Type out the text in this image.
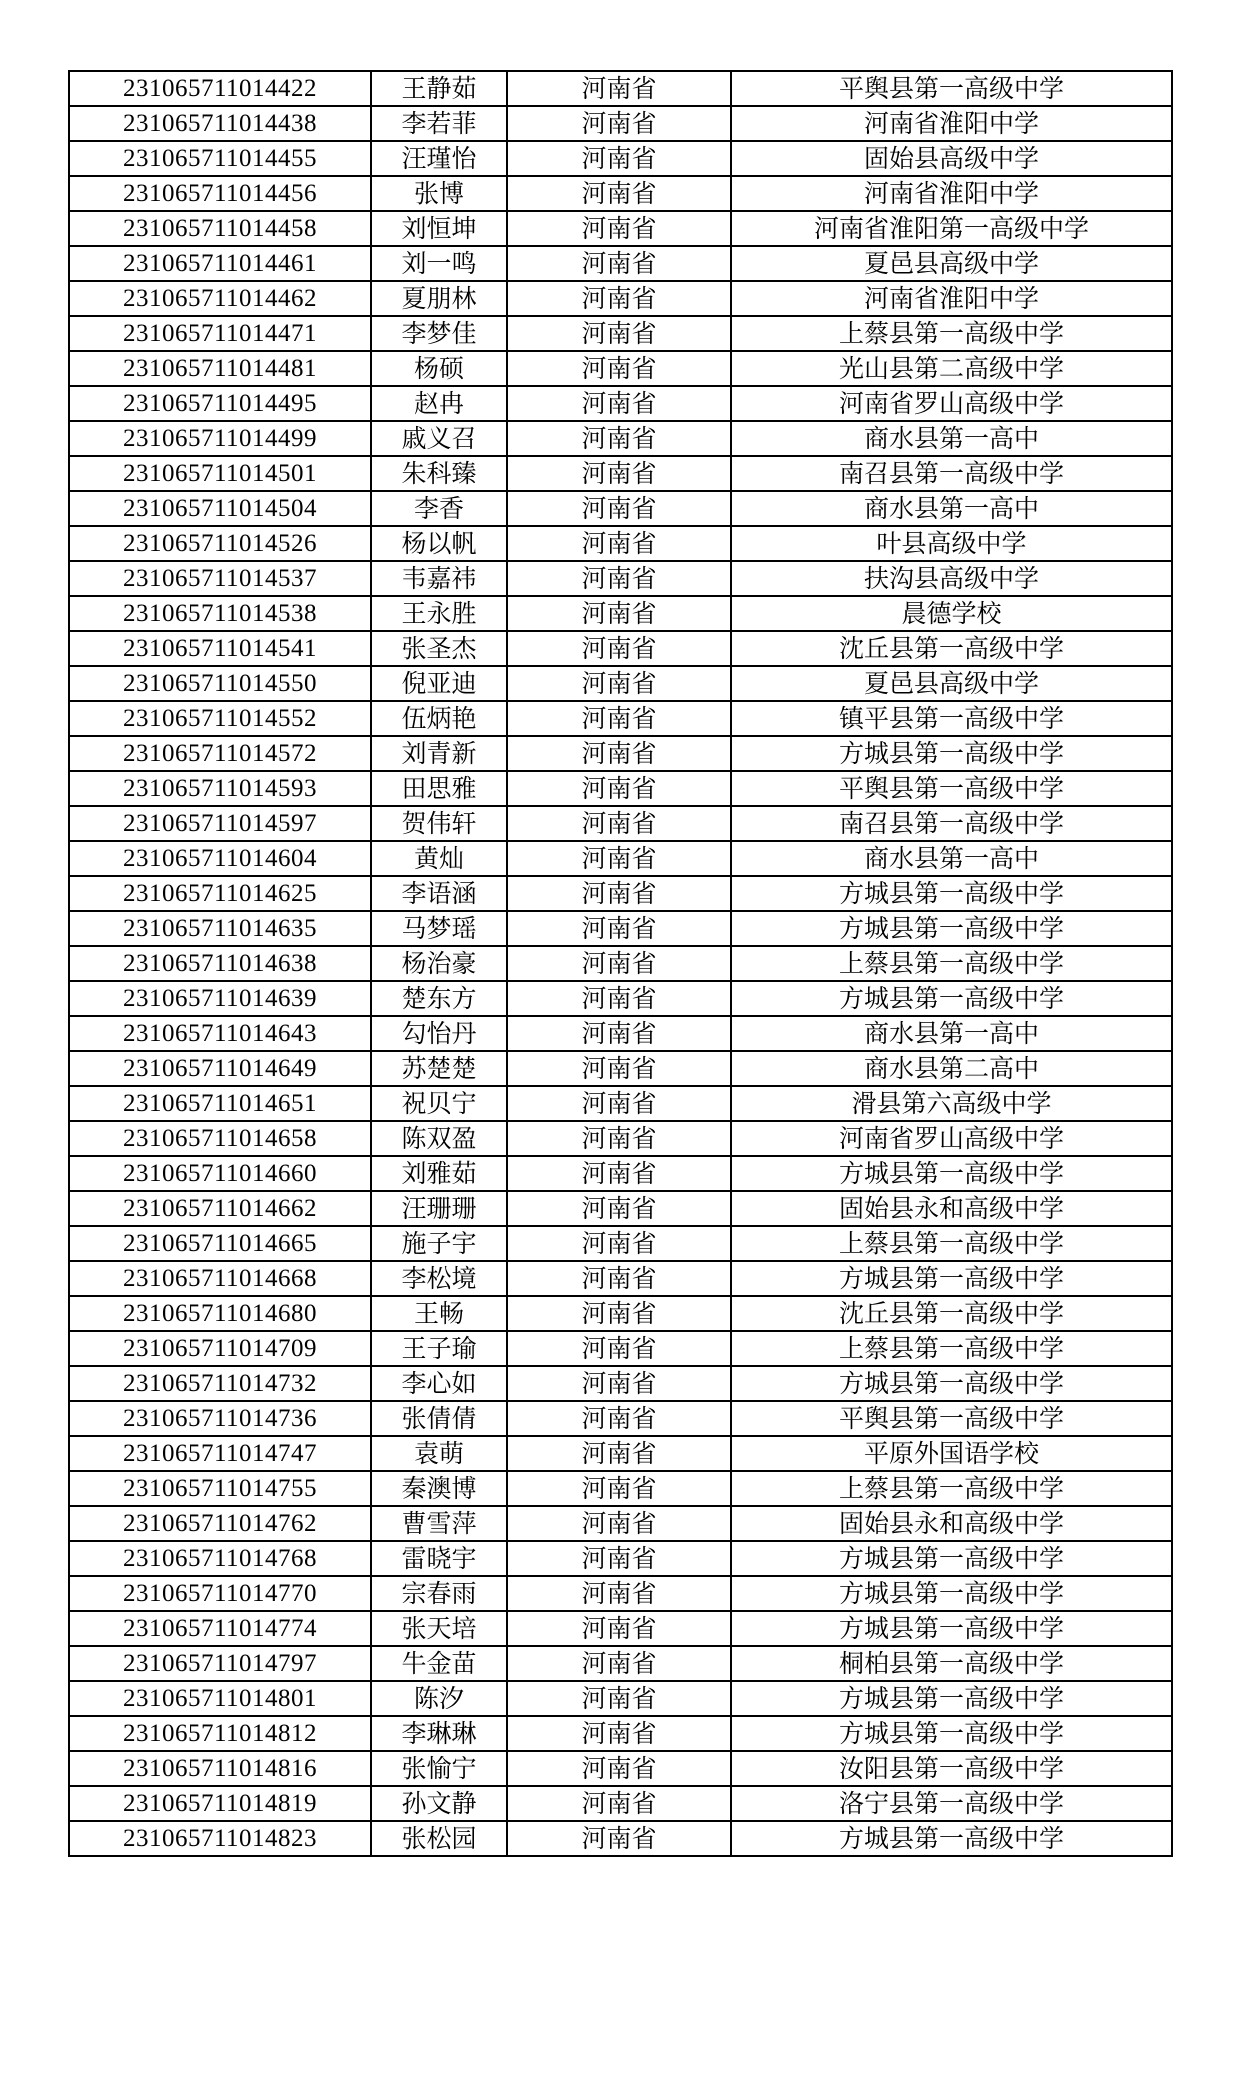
231065711014422	王静茹	河南省	平舆县第一高级中学
231065711014438	李若菲	河南省	河南省淮阳中学
231065711014455	汪瑾怡	河南省	固始县高级中学
231065711014456	张博	河南省	河南省淮阳中学
231065711014458	刘恒坤	河南省	河南省淮阳第一高级中学
231065711014461	刘一鸣	河南省	夏邑县高级中学
231065711014462	夏朋林	河南省	河南省淮阳中学
231065711014471	李梦佳	河南省	上蔡县第一高级中学
231065711014481	杨硕	河南省	光山县第二高级中学
231065711014495	赵冉	河南省	河南省罗山高级中学
231065711014499	戚义召	河南省	商水县第一高中
231065711014501	朱科臻	河南省	南召县第一高级中学
231065711014504	李香	河南省	商水县第一高中
231065711014526	杨以帆	河南省	叶县高级中学
231065711014537	韦嘉祎	河南省	扶沟县高级中学
231065711014538	王永胜	河南省	晨德学校
231065711014541	张圣杰	河南省	沈丘县第一高级中学
231065711014550	倪亚迪	河南省	夏邑县高级中学
231065711014552	伍炳艳	河南省	镇平县第一高级中学
231065711014572	刘青新	河南省	方城县第一高级中学
231065711014593	田思雅	河南省	平舆县第一高级中学
231065711014597	贺伟轩	河南省	南召县第一高级中学
231065711014604	黄灿	河南省	商水县第一高中
231065711014625	李语涵	河南省	方城县第一高级中学
231065711014635	马梦瑶	河南省	方城县第一高级中学
231065711014638	杨治豪	河南省	上蔡县第一高级中学
231065711014639	楚东方	河南省	方城县第一高级中学
231065711014643	勾怡丹	河南省	商水县第一高中
231065711014649	苏楚楚	河南省	商水县第二高中
231065711014651	祝贝宁	河南省	滑县第六高级中学
231065711014658	陈双盈	河南省	河南省罗山高级中学
231065711014660	刘雅茹	河南省	方城县第一高级中学
231065711014662	汪珊珊	河南省	固始县永和高级中学
231065711014665	施子宇	河南省	上蔡县第一高级中学
231065711014668	李松境	河南省	方城县第一高级中学
231065711014680	王畅	河南省	沈丘县第一高级中学
231065711014709	王子瑜	河南省	上蔡县第一高级中学
231065711014732	李心如	河南省	方城县第一高级中学
231065711014736	张倩倩	河南省	平舆县第一高级中学
231065711014747	袁萌	河南省	平原外国语学校
231065711014755	秦澳博	河南省	上蔡县第一高级中学
231065711014762	曹雪萍	河南省	固始县永和高级中学
231065711014768	雷晓宇	河南省	方城县第一高级中学
231065711014770	宗春雨	河南省	方城县第一高级中学
231065711014774	张天培	河南省	方城县第一高级中学
231065711014797	牛金苗	河南省	桐柏县第一高级中学
231065711014801	陈汐	河南省	方城县第一高级中学
231065711014812	李琳琳	河南省	方城县第一高级中学
231065711014816	张愉宁	河南省	汝阳县第一高级中学
231065711014819	孙文静	河南省	洛宁县第一高级中学
231065711014823	张松园	河南省	方城县第一高级中学
